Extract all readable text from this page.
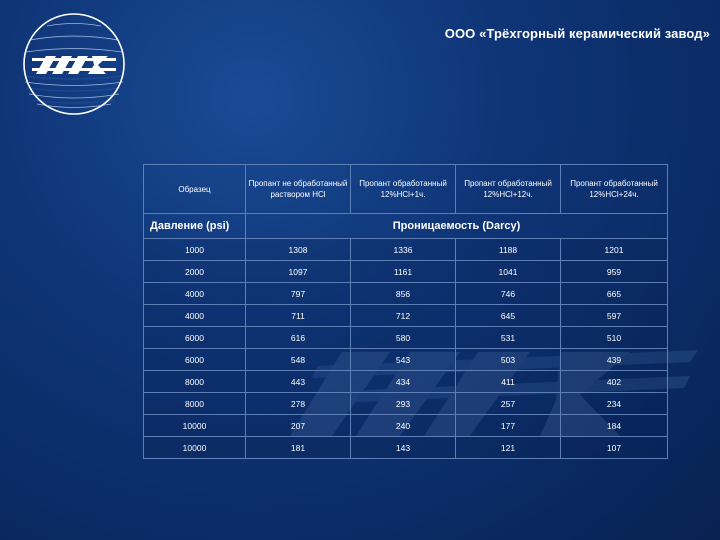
ООО «Трёхгорный керамический завод»
Образец	Пропант не обработанный раствором HCl	Пропант обработанный 12%HCl+1ч.	Пропант обработанный 12%HCl+12ч.	Пропант обработанный 12%HCl+24ч.
Давление (psi)	Проницаемость (Darcy)			
1000	1308	1336	1188	1201
2000	1097	1161	1041	959
4000	797	856	746	665
4000	711	712	645	597
6000	616	580	531	510
6000	548	543	503	439
8000	443	434	411	402
8000	278	293	257	234
10000	207	240	177	184
10000	181	143	121	107
